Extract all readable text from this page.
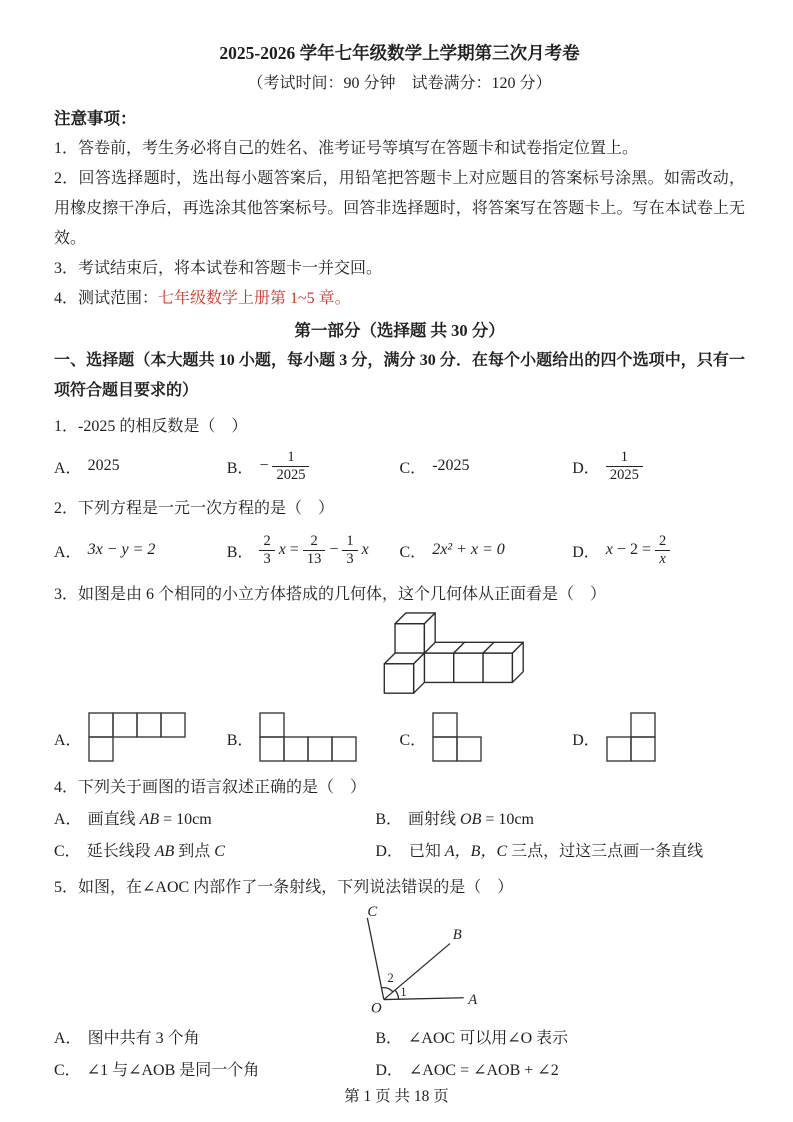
2025-2026 学年七年级数学上学期第三次月考卷
（考试时间：90 分钟　试卷满分：120 分）
注意事项：

1．答卷前，考生务必将自己的姓名、准考证号等填写在答题卡和试卷指定位置上。

2．回答选择题时，选出每小题答案后，用铅笔把答题卡上对应题目的答案标号涂黑。如需改动，用橡皮擦干净后，再选涂其他答案标号。回答非选择题时，将答案写在答题卡上。写在本试卷上无效。

3．考试结束后，将本试卷和答题卡一并交回。

4．测试范围：七年级数学上册第 1~5 章。

第一部分（选择题 共 30 分）

一、选择题（本大题共 10 小题，每小题 3 分，满分 30 分．在每个小题给出的四个选项中，只有一项符合题目要求的）

1．-2025 的相反数是（　）
A． 2025	B． − $\frac{1}{2025}$	C． -2025	D． $\frac{1}{2025}$
2．下列方程是一元一次方程的是（　）
A． 3x − y = 2	B． $\frac{2}{3}$ $x = \frac{2}{13} - \frac{1}{3}$ x C． 2x² + x = 0	D． $x - 2 = \frac{2}{x}$
3．如图是由 6 个相同的小立方体搭成的几何体，这个几何体从正面看是（　）
A．	B．	C．	D．
4．下列关于画图的语言叙述正确的是（　）
A． 画直线 AB = 10cm	B． 画射线 OB = 10cm
C． 延长线段 AB 到点 C	D． 已知 A，B，C 三点，过这三点画一条直线
5．如图，在∠AOC 内部作了一条射线，下列说法错误的是（　）
C
B
A
O
1
2
A． 图中共有 3 个角	B． ∠AOC 可以用∠O 表示
C． ∠1 与∠AOB 是同一个角	D． ∠AOC = ∠AOB + ∠2
第 1 页 共 18 页
